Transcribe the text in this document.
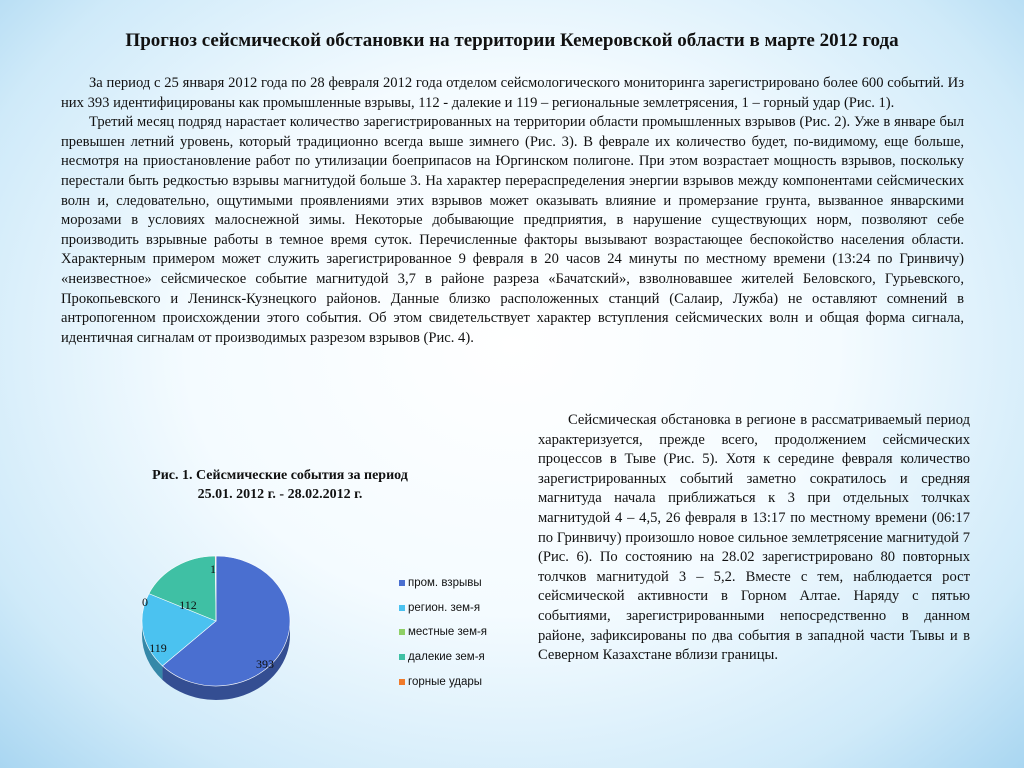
Прогноз сейсмической обстановки на территории Кемеровской области в марте 2012 года

За период с 25 января 2012 года по 28 февраля 2012 года отделом сейсмологического мониторинга зарегистрировано более 600 событий. Из них 393 идентифицированы как промышленные взрывы, 112 - далекие и 119 – региональные землетрясения, 1 – горный удар (Рис. 1).

Третий месяц подряд нарастает количество зарегистрированных на территории области промышленных взрывов (Рис. 2). Уже в январе был превышен летний уровень, который традиционно всегда выше зимнего (Рис. 3). В феврале их количество будет, по-видимому, еще больше, несмотря на приостановление работ по утилизации боеприпасов на Юргинском полигоне. При этом возрастает мощность взрывов, поскольку перестали быть редкостью взрывы магнитудой больше 3. На характер перераспределения энергии взрывов между компонентами сейсмических волн и, следовательно, ощутимыми проявлениями этих взрывов может оказывать влияние и промерзание грунта, вызванное январскими морозами в условиях малоснежной зимы. Некоторые добывающие предприятия, в нарушение существующих норм, позволяют себе производить взрывные работы в темное время суток. Перечисленные факторы вызывают возрастающее беспокойство населения области. Характерным примером может служить зарегистрированное 9 февраля в 20 часов 24 минуты по местному времени (13:24 по Гринвичу) «неизвестное» сейсмическое событие магнитудой 3,7 в районе разреза «Бачатский», взволновавшее жителей Беловского, Гурьевского, Прокопьевского и Ленинск-Кузнецкого районов. Данные близко расположенных станций (Салаир, Лужба) не оставляют сомнений в антропогенном происхождении этого события. Об этом свидетельствует характер вступления сейсмических волн и общая форма сигнала, идентичная сигналам от производимых разрезом взрывов (Рис. 4).

Сейсмическая обстановка в регионе в рассматриваемый период характеризуется, прежде всего, продолжением сейсмических процессов в Тыве (Рис. 5). Хотя к середине февраля количество зарегистрированных событий заметно сократилось и средняя магнитуда начала приближаться к 3 при отдельных толчках магнитудой 4 – 4,5, 26 февраля в 13:17 по местному времени (06:17 по Гринвичу) произошло новое сильное землетрясение магнитудой 7 (Рис. 6). По состоянию на 28.02 зарегистрировано 80 повторных толчков магнитудой 3 – 5,2. Вместе с тем, наблюдается рост сейсмической активности в Горном Алтае. Наряду с пятью событиями, зарегистрированными непосредственно в данном районе, зафиксированы по два события в западной части Тывы и в Северном Казахстане вблизи границы.

Рис. 1. Сейсмические события за период
25.01. 2012 г. - 28.02.2012 г.
393
119
0	112
1
пром. взрывы
регион. зем-я
местные зем-я
далекие зем-я
горные удары
